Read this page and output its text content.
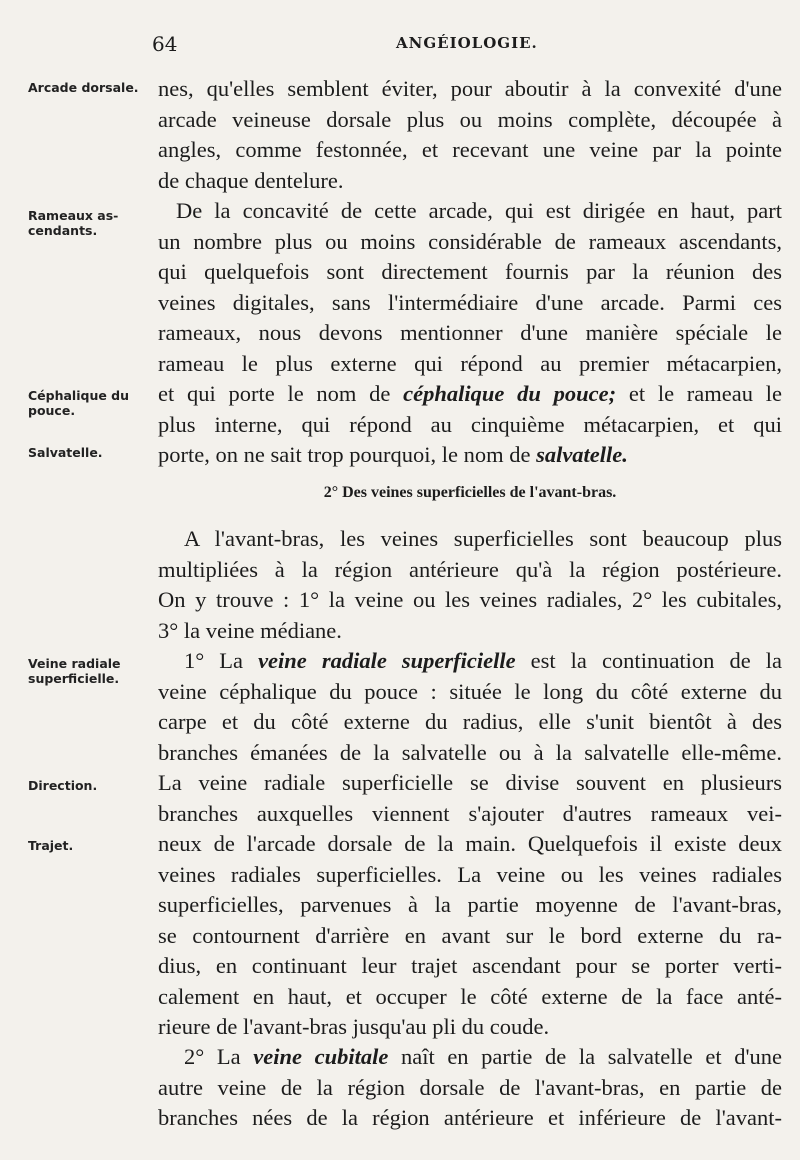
64	ANGÉIOLOGIE.
Arcade dorsale.
Rameaux as-cendants.
Céphalique du pouce.
Salvatelle.
Veine radiale superficielle.
Direction.
Trajet.
nes, qu'elles semblent éviter, pour aboutir à la convexité d'une
arcade veineuse dorsale plus ou moins complète, découpée à
angles, comme festonnée, et recevant une veine par la pointe
de chaque dentelure.
De la concavité de cette arcade, qui est dirigée en haut, part
un nombre plus ou moins considérable de rameaux ascendants,
qui quelquefois sont directement fournis par la réunion des
veines digitales, sans l'intermédiaire d'une arcade. Parmi ces
rameaux, nous devons mentionner d'une manière spéciale le
rameau le plus externe qui répond au premier métacarpien,
et qui porte le nom de céphalique du pouce; et le rameau le
plus interne, qui répond au cinquième métacarpien, et qui
porte, on ne sait trop pourquoi, le nom de salvatelle.
2° Des veines superficielles de l'avant-bras.
A l'avant-bras, les veines superficielles sont beaucoup plus
multipliées à la région antérieure qu'à la région postérieure.
On y trouve : 1° la veine ou les veines radiales, 2° les cubitales,
3° la veine médiane.
1° La veine radiale superficielle est la continuation de la
veine céphalique du pouce : située le long du côté externe du
carpe et du côté externe du radius, elle s'unit bientôt à des
branches émanées de la salvatelle ou à la salvatelle elle-même.
La veine radiale superficielle se divise souvent en plusieurs
branches auxquelles viennent s'ajouter d'autres rameaux vei-
neux de l'arcade dorsale de la main. Quelquefois il existe deux
veines radiales superficielles. La veine ou les veines radiales
superficielles, parvenues à la partie moyenne de l'avant-bras,
se contournent d'arrière en avant sur le bord externe du ra-
dius, en continuant leur trajet ascendant pour se porter verti-
calement en haut, et occuper le côté externe de la face anté-
rieure de l'avant-bras jusqu'au pli du coude.
2° La veine cubitale naît en partie de la salvatelle et d'une
autre veine de la région dorsale de l'avant-bras, en partie de
branches nées de la région antérieure et inférieure de l'avant-
